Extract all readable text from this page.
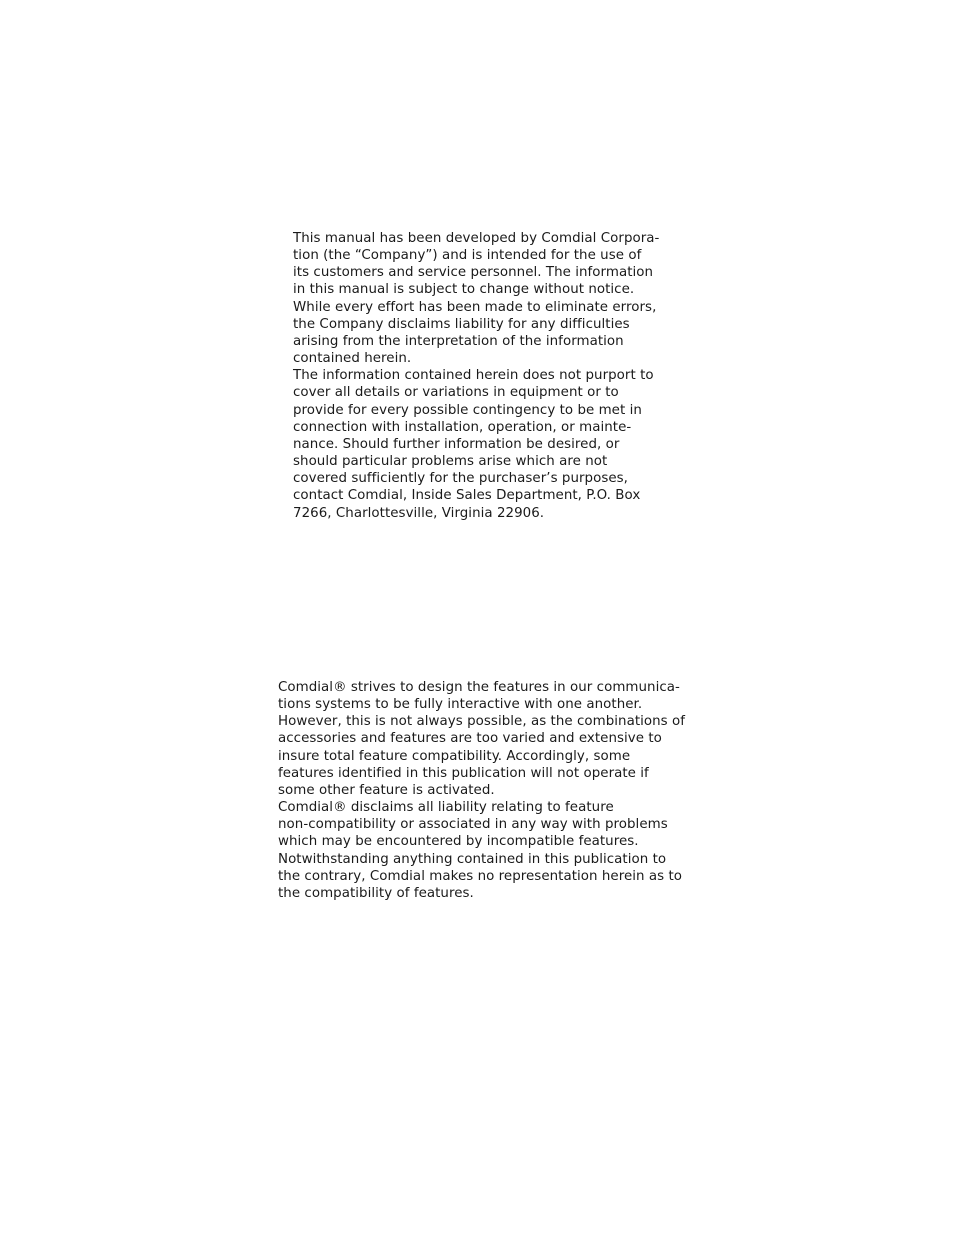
This manual has been developed by Comdial Corpora-
tion (the “Company”) and is intended for the use of
its customers and service personnel. The information
in this manual is subject to change without notice.
While every effort has been made to eliminate errors,
the Company disclaims liability for any difficulties
arising from the interpretation of the information
contained herein.

The information contained herein does not purport to
cover all details or variations in equipment or to
provide for every possible contingency to be met in
connection with installation, operation, or mainte-
nance. Should further information be desired, or
should particular problems arise which are not
covered sufficiently for the purchaser’s purposes,
contact Comdial, Inside Sales Department, P.O. Box
7266, Charlottesville, Virginia 22906.

Comdial® strives to design the features in our communica-
tions systems to be fully interactive with one another.
However, this is not always possible, as the combinations of
accessories and features are too varied and extensive to
insure total feature compatibility. Accordingly, some
features identified in this publication will not operate if
some other feature is activated.

Comdial® disclaims all liability relating to feature
non-compatibility or associated in any way with problems
which may be encountered by incompatible features.
Notwithstanding anything contained in this publication to
the contrary, Comdial makes no representation herein as to
the compatibility of features.
